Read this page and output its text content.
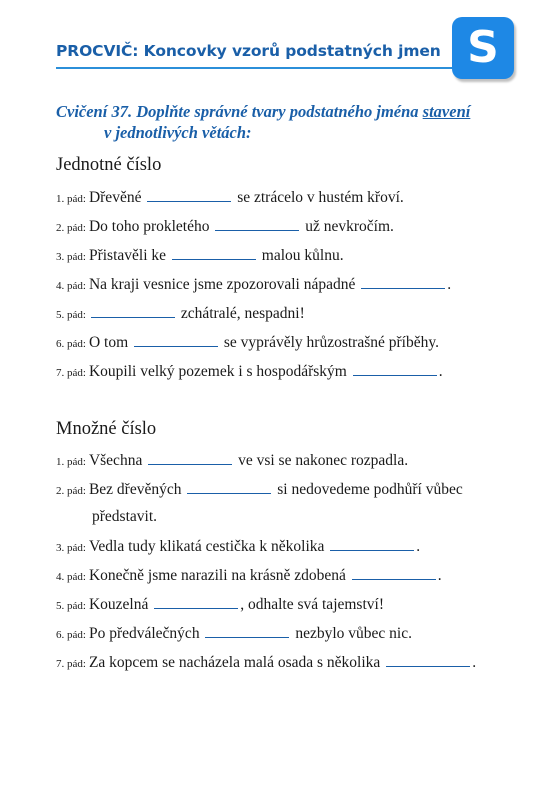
PROCVIČ: Koncovky vzorů podstatných jmen S
Cvičení 37. Doplňte správné tvary podstatného jména stavení
v jednotlivých větách:
Jednotné číslo
1. pád: Dřevěné	se ztrácelo v hustém křoví.
2. pád: Do toho prokletého	už nevkročím.
3. pád: Přistavěli ke	malou kůlnu.
4. pád: Na kraji vesnice jsme zpozorovali nápadné	.
5. pád:	zchátralé, nespadni!
6. pád: O tom	se vyprávěly hrůzostrašné příběhy.
7. pád: Koupili velký pozemek i s hospodářským	.
Množné číslo
1. pád: Všechna	ve vsi se nakonec rozpadla.
2. pád: Bez dřevěných	si nedovedeme podhůří vůbec
představit.
3. pád: Vedla tudy klikatá cestička k několika	.
4. pád: Konečně jsme narazili na krásně zdobená	.
5. pád: Kouzelná	, odhalte svá tajemství!
6. pád: Po předválečných	nezbylo vůbec nic.
7. pád: Za kopcem se nacházela malá osada s několika	.
